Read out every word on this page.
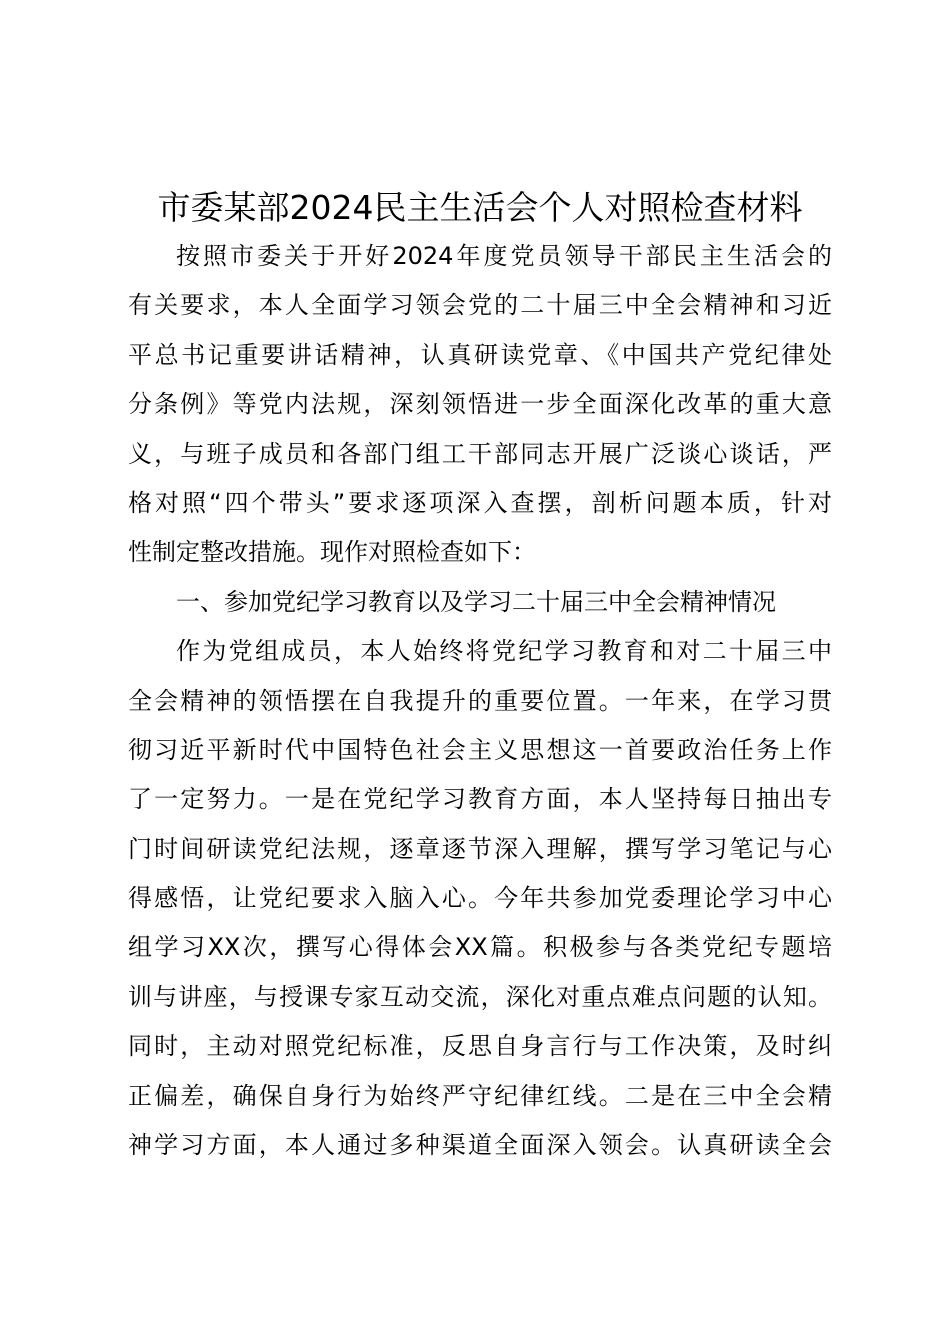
市委某部2024民主生活会个人对照检查材料
按照市委关于开好2024年度党员领导干部民主生活会的
有关要求，本人全面学习领会党的二十届三中全会精神和习近
平总书记重要讲话精神，认真研读党章、《中国共产党纪律处
分条例》等党内法规，深刻领悟进一步全面深化改革的重大意
义，与班子成员和各部门组工干部同志开展广泛谈心谈话，严
格对照“四个带头”要求逐项深入查摆，剖析问题本质，针对
性制定整改措施。现作对照检查如下：
一、参加党纪学习教育以及学习二十届三中全会精神情况
作为党组成员，本人始终将党纪学习教育和对二十届三中
全会精神的领悟摆在自我提升的重要位置。一年来，在学习贯
彻习近平新时代中国特色社会主义思想这一首要政治任务上作
了一定努力。一是在党纪学习教育方面，本人坚持每日抽出专
门时间研读党纪法规，逐章逐节深入理解，撰写学习笔记与心
得感悟，让党纪要求入脑入心。今年共参加党委理论学习中心
组学习XX次，撰写心得体会XX篇。积极参与各类党纪专题培
训与讲座，与授课专家互动交流，深化对重点难点问题的认知。
同时，主动对照党纪标准，反思自身言行与工作决策，及时纠
正偏差，确保自身行为始终严守纪律红线。二是在三中全会精
神学习方面，本人通过多种渠道全面深入领会。认真研读全会
